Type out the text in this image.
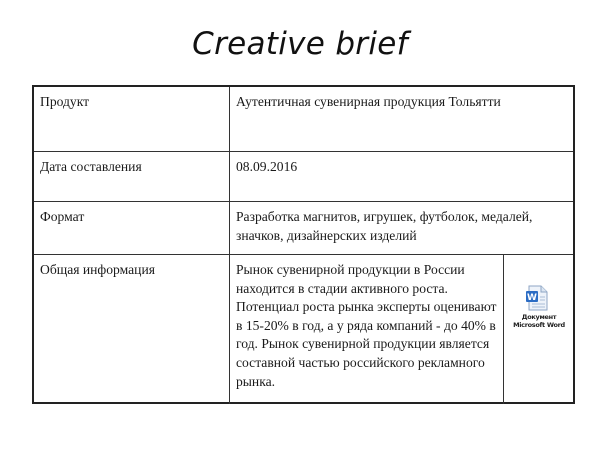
Creative brief
Продукт	Аутентичная сувенирная продукция Тольятти
Дата составления	08.09.2016
Формат	Разработка магнитов, игрушек, футболок, медалей, значков, дизайнерских изделий
Общая информация	Рынок сувенирной продукции в России находится в стадии активного роста. Потенциал роста рынка эксперты оценивают в 15-20% в год, а у ряда компаний - до 40% в год. Рынок сувенирной продукции является составной частью российского рекламного рынка.
W
Документ
Microsoft Word
